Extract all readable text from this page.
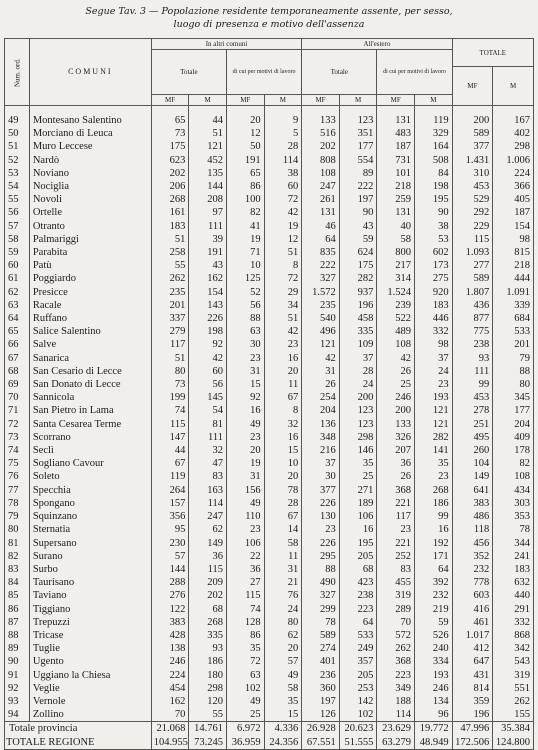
Segue Tav. 3 — Popolazione residente temporaneamente assente, per sesso,
luogo di presenza e motivo dell'assenza
Num. ord.	COMUNI	In altri comuni				All'estero				TOTALE	
		Totale		di cui per motivi di lavoro		Totale		di cui per motivi di lavoro			
										MF	M
		MF	M	MF	M	MF	M	MF	M		

49	Montesano Salentino	65	44	20	9	133	123	131	119	200	167
50	Morciano di Leuca	73	51	12	5	516	351	483	329	589	402
51	Muro Leccese	175	121	50	28	202	177	187	164	377	298
52	Nardò	623	452	191	114	808	554	731	508	1.431	1.006
53	Noviano	202	135	65	38	108	89	101	84	310	224
54	Nociglia	206	144	86	60	247	222	218	198	453	366
55	Novoli	268	208	100	72	261	197	259	195	529	405
56	Ortelle	161	97	82	42	131	90	131	90	292	187
57	Otranto	183	111	41	19	46	43	40	38	229	154
58	Palmariggi	51	39	19	12	64	59	58	53	115	98
59	Parabita	258	191	71	51	835	624	800	602	1.093	815
60	Patù	55	43	10	8	222	175	217	173	277	218
61	Poggiardo	262	162	125	72	327	282	314	275	589	444
62	Presicce	235	154	52	29	1.572	937	1.524	920	1.807	1.091
63	Racale	201	143	56	34	235	196	239	183	436	339
64	Ruffano	337	226	88	51	540	458	522	446	877	684
65	Salice Salentino	279	198	63	42	496	335	489	332	775	533
66	Salve	117	92	30	23	121	109	108	98	238	201
67	Sanarica	51	42	23	16	42	37	42	37	93	79
68	San Cesario di Lecce	80	60	31	20	31	28	26	24	111	88
69	San Donato di Lecce	73	56	15	11	26	24	25	23	99	80
70	Sannicola	199	145	92	67	254	200	246	193	453	345
71	San Pietro in Lama	74	54	16	8	204	123	200	121	278	177
72	Santa Cesarea Terme	115	81	49	32	136	123	133	121	251	204
73	Scorrano	147	111	23	16	348	298	326	282	495	409
74	Seclì	44	32	20	15	216	146	207	141	260	178
75	Sogliano Cavour	67	47	19	10	37	35	36	35	104	82
76	Soleto	119	83	31	20	30	25	26	23	149	108
77	Specchia	264	163	156	78	377	271	368	268	641	434
78	Spongano	157	114	49	28	226	189	221	186	383	303
79	Squinzano	356	247	110	67	130	106	117	99	486	353
80	Sternatia	95	62	23	14	23	16	23	16	118	78
81	Supersano	230	149	106	58	226	195	221	192	456	344
82	Surano	57	36	22	11	295	205	252	171	352	241
83	Surbo	144	115	36	31	88	68	83	64	232	183
84	Taurisano	288	209	27	21	490	423	455	392	778	632
85	Taviano	276	202	115	76	327	238	319	232	603	440
86	Tiggiano	122	68	74	24	299	223	289	219	416	291
87	Trepuzzi	383	268	128	80	78	64	70	59	461	332
88	Tricase	428	335	86	62	589	533	572	526	1.017	868
89	Tuglie	138	93	35	20	274	249	262	240	412	342
90	Ugento	246	186	72	57	401	357	368	334	647	543
91	Uggiano la Chiesa	224	180	63	49	236	205	223	193	431	319
92	Veglie	454	298	102	58	360	253	349	246	814	551
93	Vernole	162	120	49	35	197	142	188	134	359	262
94	Zollino	70	55	25	15	126	102	114	96	196	155
Totale provincia		21.068	14.761	6.972	4.336	26.928	20.623	23.629	19.772	47.996	35.384
TOTALE REGIONE		104.955	73.245	36.959	24.356	67.551	51.555	63.279	48.949	172.506	124.800
